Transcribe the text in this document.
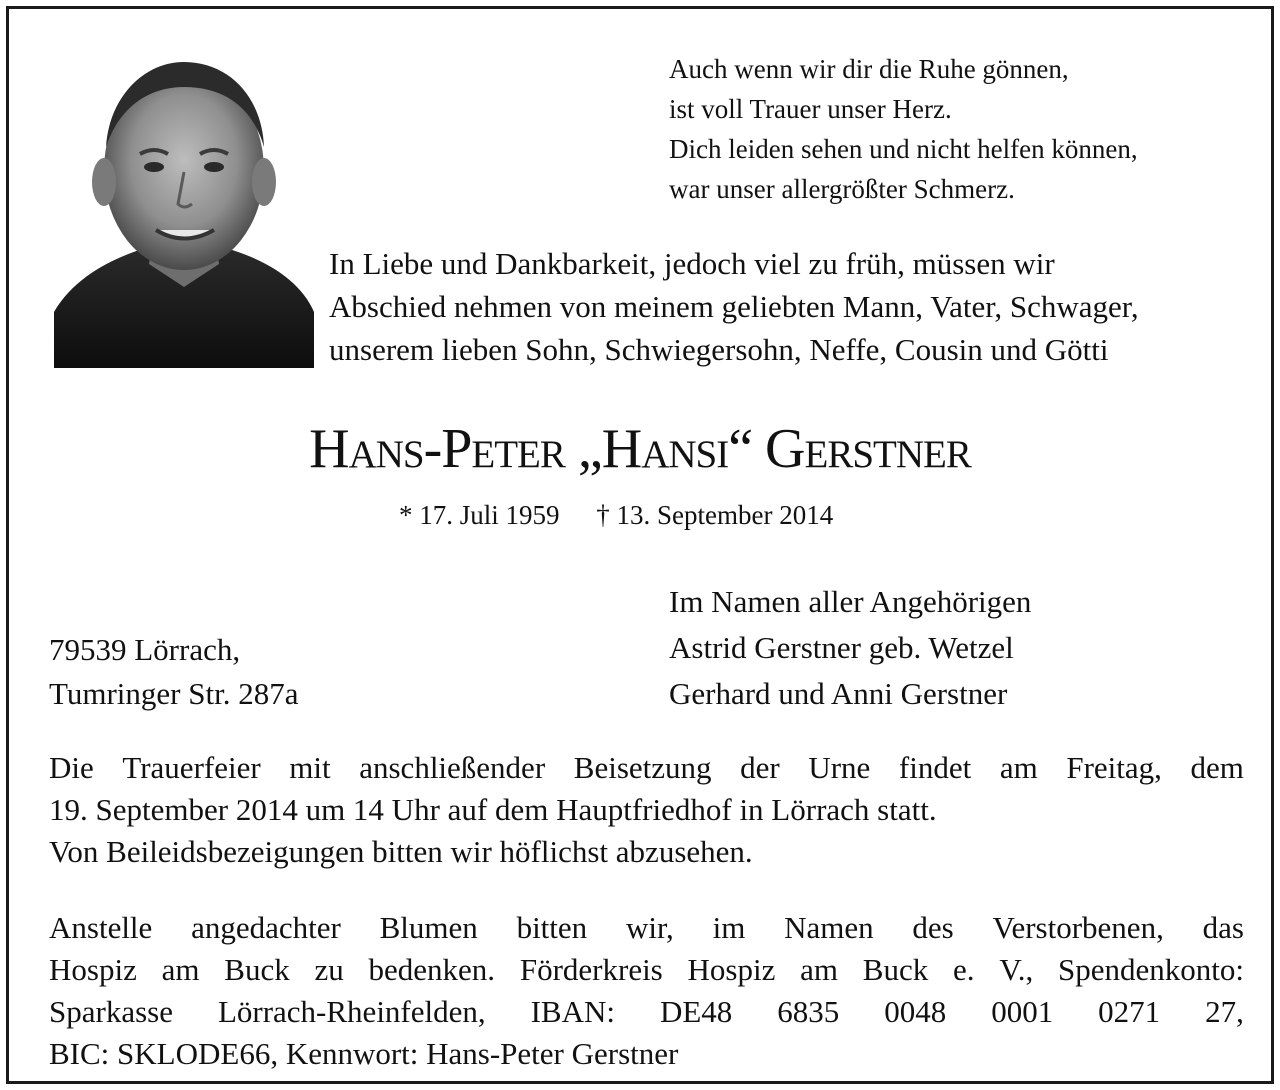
Auch wenn wir dir die Ruhe gönnen,
ist voll Trauer unser Herz.
Dich leiden sehen und nicht helfen können,
war unser allergrößter Schmerz.
In Liebe und Dankbarkeit, jedoch viel zu früh, müssen wir
Abschied nehmen von meinem geliebten Mann, Vater, Schwager,
unserem lieben Sohn, Schwiegersohn, Neffe, Cousin und Götti
Hans-Peter „Hansi“ Gerstner
* 17. Juli 1959 † 13. September 2014
79539 Lörrach,
Tumringer Str. 287a
Im Namen aller Angehörigen
Astrid Gerstner geb. Wetzel
Gerhard und Anni Gerstner
Die Trauerfeier mit anschließender Beisetzung der Urne findet am Freitag, dem
19. September 2014 um 14 Uhr auf dem Hauptfriedhof in Lörrach statt.
Von Beileidsbezeigungen bitten wir höflichst abzusehen.
Anstelle angedachter Blumen bitten wir, im Namen des Verstorbenen, das
Hospiz am Buck zu bedenken. Förderkreis Hospiz am Buck e. V., Spendenkonto:
Sparkasse Lörrach-Rheinfelden, IBAN: DE48 6835 0048 0001 0271 27,
BIC: SKLODE66, Kennwort: Hans-Peter Gerstner
